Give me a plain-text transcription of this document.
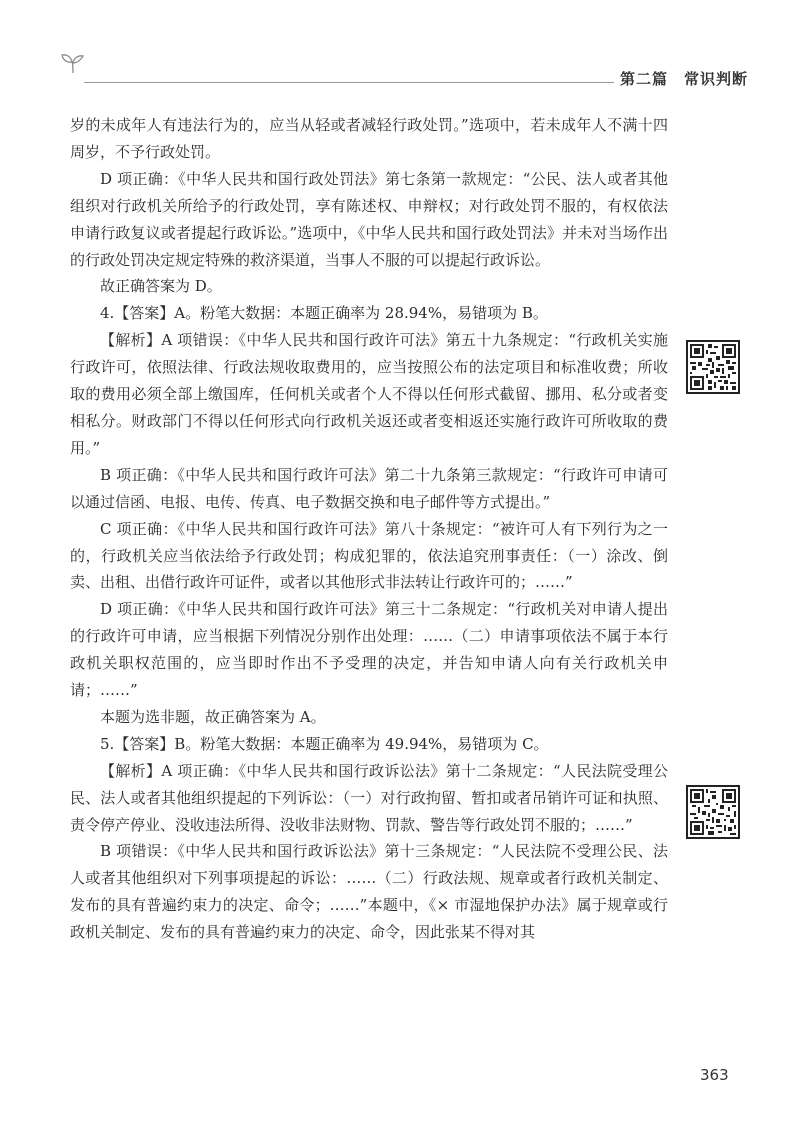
第二篇　常识判断

岁的未成年人有违法行为的，应当从轻或者减轻行政处罚。”选项中，若未成年人不满十四周岁，不予行政处罚。

D 项正确：《中华人民共和国行政处罚法》第七条第一款规定：“公民、法人或者其他组织对行政机关所给予的行政处罚，享有陈述权、申辩权；对行政处罚不服的，有权依法申请行政复议或者提起行政诉讼。”选项中，《中华人民共和国行政处罚法》并未对当场作出的行政处罚决定规定特殊的救济渠道，当事人不服的可以提起行政诉讼。

故正确答案为 D。

4.【答案】A。粉笔大数据：本题正确率为 28.94%，易错项为 B。

【解析】A 项错误：《中华人民共和国行政许可法》第五十九条规定：“行政机关实施行政许可，依照法律、行政法规收取费用的，应当按照公布的法定项目和标准收费；所收取的费用必须全部上缴国库，任何机关或者个人不得以任何形式截留、挪用、私分或者变相私分。财政部门不得以任何形式向行政机关返还或者变相返还实施行政许可所收取的费用。”

B 项正确：《中华人民共和国行政许可法》第二十九条第三款规定：“行政许可申请可以通过信函、电报、电传、传真、电子数据交换和电子邮件等方式提出。”

C 项正确：《中华人民共和国行政许可法》第八十条规定：“被许可人有下列行为之一的，行政机关应当依法给予行政处罚；构成犯罪的，依法追究刑事责任：（一）涂改、倒卖、出租、出借行政许可证件，或者以其他形式非法转让行政许可的；……”

D 项正确：《中华人民共和国行政许可法》第三十二条规定：“行政机关对申请人提出的行政许可申请，应当根据下列情况分别作出处理：……（二）申请事项依法不属于本行政机关职权范围的，应当即时作出不予受理的决定，并告知申请人向有关行政机关申请；……”

本题为选非题，故正确答案为 A。

5.【答案】B。粉笔大数据：本题正确率为 49.94%，易错项为 C。

【解析】A 项正确：《中华人民共和国行政诉讼法》第十二条规定：“人民法院受理公民、法人或者其他组织提起的下列诉讼：（一）对行政拘留、暂扣或者吊销许可证和执照、责令停产停业、没收违法所得、没收非法财物、罚款、警告等行政处罚不服的；……”

B 项错误：《中华人民共和国行政诉讼法》第十三条规定：“人民法院不受理公民、法人或者其他组织对下列事项提起的诉讼：……（二）行政法规、规章或者行政机关制定、发布的具有普遍约束力的决定、命令；……”本题中，《× 市湿地保护办法》属于规章或行政机关制定、发布的具有普遍约束力的决定、命令，因此张某不得对其

363
